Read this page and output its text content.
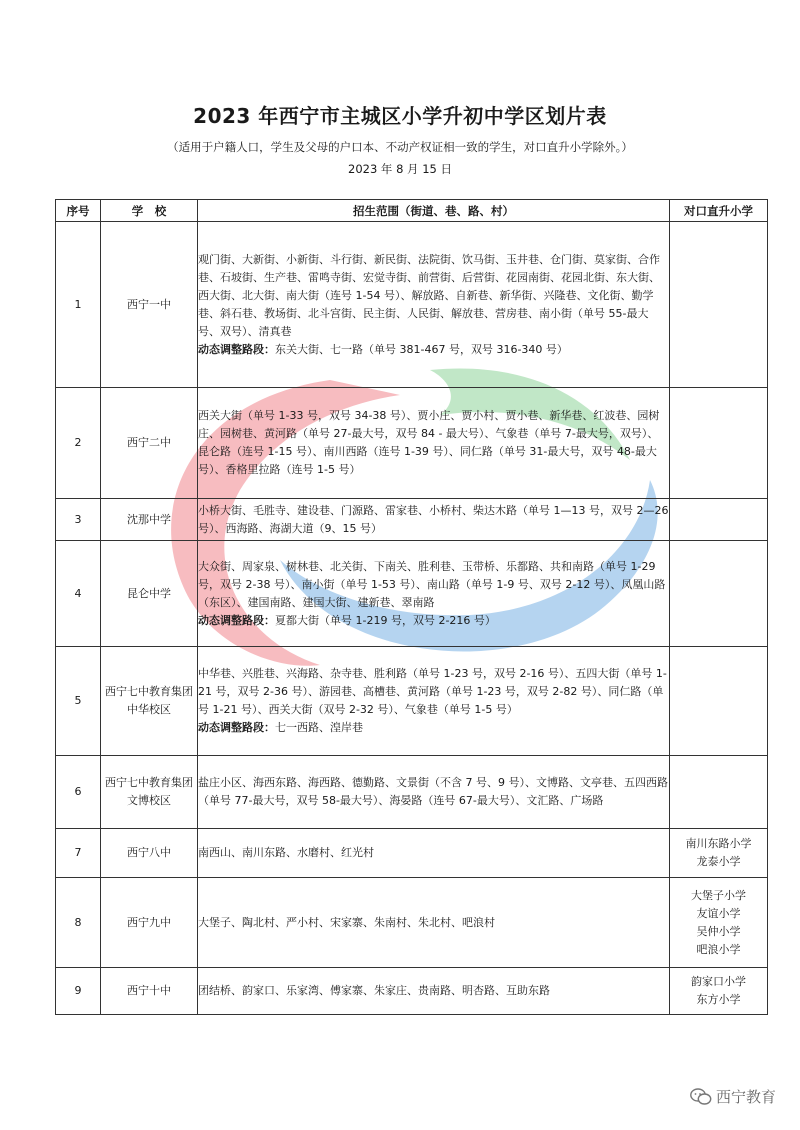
2023 年西宁市主城区小学升初中学区划片表
（适用于户籍人口，学生及父母的户口本、不动产权证相一致的学生，对口直升小学除外。）
2023 年 8 月 15 日
序号	学　校	招生范围（街道、巷、路、村）	对口直升小学
1	西宁一中	观门街、大新街、小新街、斗行街、新民街、法院街、饮马街、玉井巷、仓门街、莫家街、合作巷、石坡街、生产巷、雷鸣寺街、宏觉寺街、前营街、后营街、花园南街、花园北街、东大街、西大街、北大街、南大街（连号 1-54 号）、解放路、自新巷、新华街、兴隆巷、文化街、勤学巷、斜石巷、教场街、北斗宫街、民主街、人民街、解放巷、营房巷、南小街（单号 55-最大号、双号）、清真巷
动态调整路段：东关大街、七一路（单号 381-467 号，双号 316-340 号）	

2	西宁二中	西关大街（单号 1-33 号，双号 34-38 号）、贾小庄、贾小村、贾小巷、新华巷、红波巷、园树庄、园树巷、黄河路（单号 27-最大号，双号 84 - 最大号）、气象巷（单号 7-最大号，双号）、昆仑路（连号 1-15 号）、南川西路（连号 1-39 号）、同仁路（单号 31-最大号，双号 48-最大号）、香格里拉路（连号 1-5 号）	

3	沈那中学	小桥大街、毛胜寺、建设巷、门源路、雷家巷、小桥村、柴达木路（单号 1—13 号，双号 2—26 号）、西海路、海湖大道（9、15 号）	

4	昆仑中学	大众街、周家泉、树林巷、北关街、下南关、胜利巷、玉带桥、乐都路、共和南路（单号 1-29 号，双号 2-38 号）、南小街（单号 1-53 号）、南山路（单号 1-9 号、双号 2-12 号）、凤凰山路（东区）、建国南路、建国大街、建新巷、翠南路
动态调整路段：夏都大街（单号 1-219 号，双号 2-216 号）	

5	西宁七中教育集团中华校区	中华巷、兴胜巷、兴海路、杂寺巷、胜利路（单号 1-23 号，双号 2-16 号）、五四大街（单号 1-21 号，双号 2-36 号）、游园巷、高槽巷、黄河路（单号 1-23 号，双号 2-82 号）、同仁路（单号 1-21 号）、西关大街（双号 2-32 号）、气象巷（单号 1-5 号）
动态调整路段：七一西路、湟岸巷	

6	西宁七中教育集团文博校区	盐庄小区、海西东路、海西路、德勤路、文景街（不含 7 号、9 号）、文博路、文亭巷、五四西路（单号 77-最大号，双号 58-最大号）、海晏路（连号 67-最大号）、文汇路、广场路	

7	西宁八中	南西山、南川东路、水磨村、红光村	南川东路小学
龙泰小学

8	西宁九中	大堡子、陶北村、严小村、宋家寨、朱南村、朱北村、吧浪村	大堡子小学
友谊小学
吴仲小学
吧浪小学

9	西宁十中	团结桥、韵家口、乐家湾、傅家寨、朱家庄、贵南路、明杏路、互助东路	韵家口小学
东方小学
西宁教育
